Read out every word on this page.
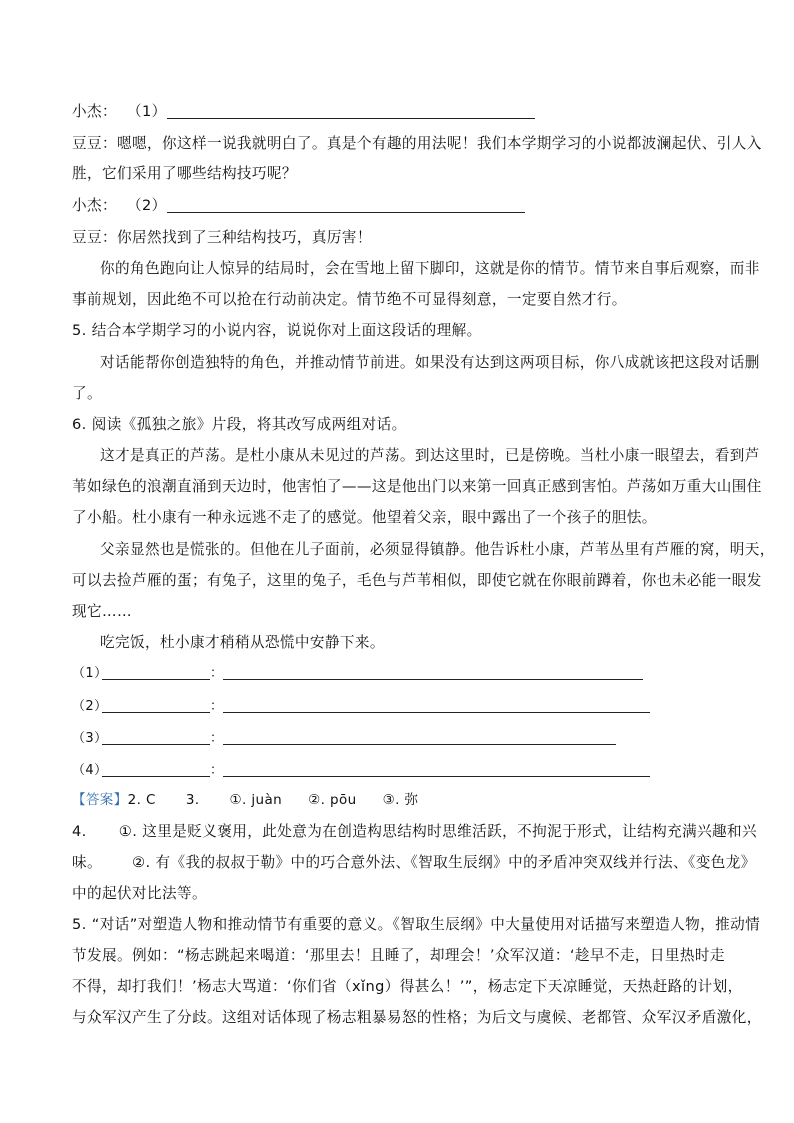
小杰： （1）
豆豆：嗯嗯，你这样一说我就明白了。真是个有趣的用法呢！我们本学期学习的小说都波澜起伏、引人入
胜，它们采用了哪些结构技巧呢？
小杰： （2）
豆豆：你居然找到了三种结构技巧，真厉害！
你的角色跑向让人惊异的结局时，会在雪地上留下脚印，这就是你的情节。情节来自事后观察，而非
事前规划，因此绝不可以抢在行动前决定。情节绝不可显得刻意，一定要自然才行。
5. 结合本学期学习的小说内容，说说你对上面这段话的理解。
对话能帮你创造独特的角色，并推动情节前进。如果没有达到这两项目标，你八成就该把这段对话删
了。
6. 阅读《孤独之旅》片段，将其改写成两组对话。
这才是真正的芦荡。是杜小康从未见过的芦荡。到达这里时，已是傍晚。当杜小康一眼望去，看到芦
苇如绿色的浪潮直涌到天边时，他害怕了——这是他出门以来第一回真正感到害怕。芦荡如万重大山围住
了小船。杜小康有一种永远逃不走了的感觉。他望着父亲，眼中露出了一个孩子的胆怯。
父亲显然也是慌张的。但他在儿子面前，必须显得镇静。他告诉杜小康，芦苇丛里有芦雁的窝，明天，
可以去捡芦雁的蛋；有兔子，这里的兔子，毛色与芦苇相似，即使它就在你眼前蹲着，你也未必能一眼发
现它……
吃完饭，杜小康才稍稍从恐慌中安静下来。
（1）	：
（2）	：
（3）	：
（4）	：
【答案】2. C 3. ①. juàn ②. pōu ③. 弥
4. ①. 这里是贬义褒用，此处意为在创造构思结构时思维活跃，不拘泥于形式，让结构充满兴趣和兴
味。 ②. 有《我的叔叔于勒》中的巧合意外法、《智取生辰纲》中的矛盾冲突双线并行法、《变色龙》
中的起伏对比法等。
5. “对话”对塑造人物和推动情节有重要的意义。《智取生辰纲》中大量使用对话描写来塑造人物，推动情
节发展。例如：“杨志跳起来喝道：‘那里去！且睡了，却理会！’众军汉道：‘趁早不走，日里热时走
不得，却打我们！’杨志大骂道：‘你们省（xǐng）得甚么！’”，杨志定下天凉睡觉，天热赶路的计划，
与众军汉产生了分歧。这组对话体现了杨志粗暴易怒的性格；为后文与虞候、老都管、众军汉矛盾激化，
